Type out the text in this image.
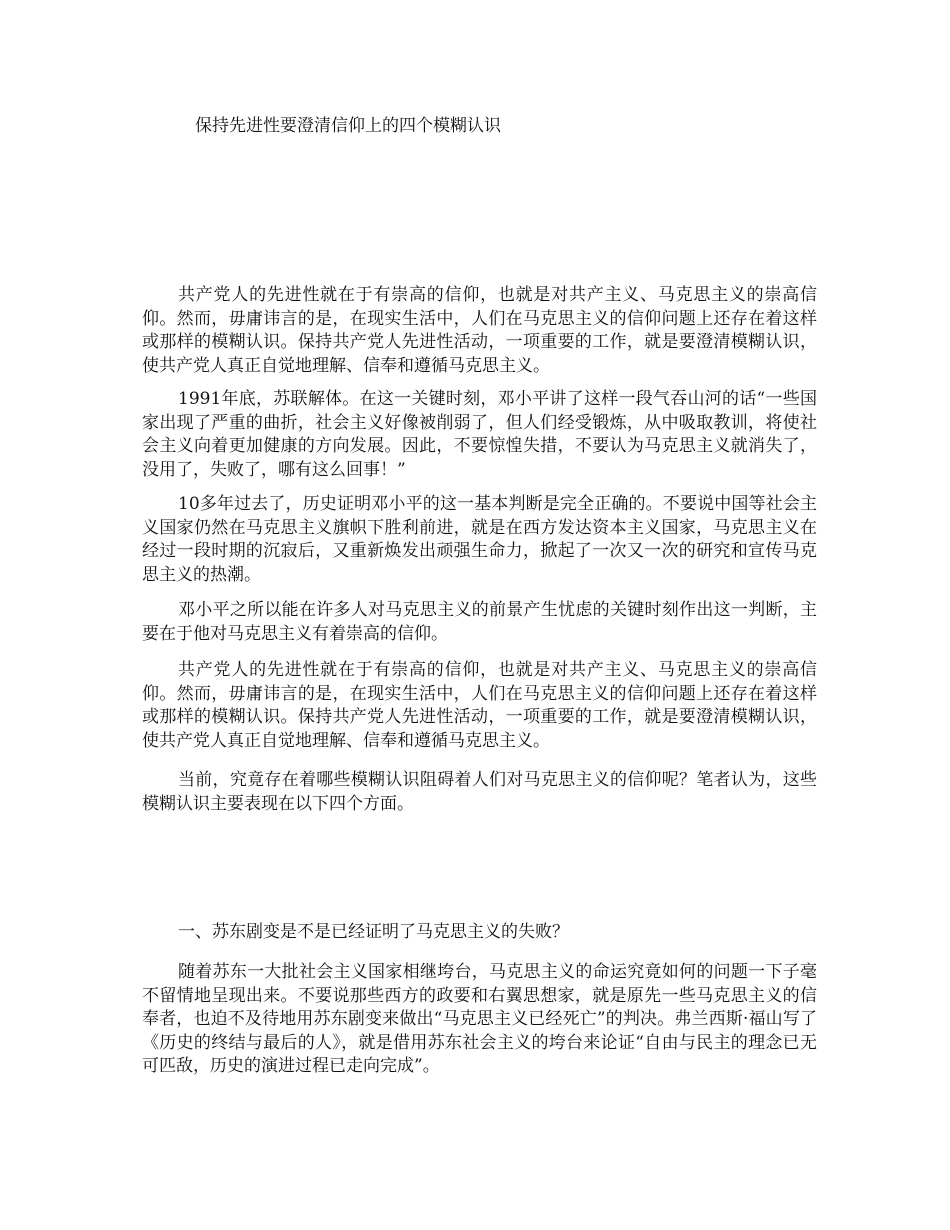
保持先进性要澄清信仰上的四个模糊认识

共产党人的先进性就在于有崇高的信仰，也就是对共产主义、马克思主义的崇高信仰。然而，毋庸讳言的是，在现实生活中，人们在马克思主义的信仰问题上还存在着这样或那样的模糊认识。保持共产党人先进性活动，一项重要的工作，就是要澄清模糊认识，使共产党人真正自觉地理解、信奉和遵循马克思主义。

1991年底，苏联解体。在这一关键时刻，邓小平讲了这样一段气吞山河的话“一些国家出现了严重的曲折，社会主义好像被削弱了，但人们经受锻炼，从中吸取教训，将使社会主义向着更加健康的方向发展。因此，不要惊惶失措，不要认为马克思主义就消失了，没用了，失败了，哪有这么回事！”

10多年过去了，历史证明邓小平的这一基本判断是完全正确的。不要说中国等社会主义国家仍然在马克思主义旗帜下胜利前进，就是在西方发达资本主义国家，马克思主义在经过一段时期的沉寂后，又重新焕发出顽强生命力，掀起了一次又一次的研究和宣传马克思主义的热潮。

邓小平之所以能在许多人对马克思主义的前景产生忧虑的关键时刻作出这一判断，主要在于他对马克思主义有着崇高的信仰。

共产党人的先进性就在于有崇高的信仰，也就是对共产主义、马克思主义的崇高信仰。然而，毋庸讳言的是，在现实生活中，人们在马克思主义的信仰问题上还存在着这样或那样的模糊认识。保持共产党人先进性活动，一项重要的工作，就是要澄清模糊认识，使共产党人真正自觉地理解、信奉和遵循马克思主义。

当前，究竟存在着哪些模糊认识阻碍着人们对马克思主义的信仰呢？笔者认为，这些模糊认识主要表现在以下四个方面。

一、苏东剧变是不是已经证明了马克思主义的失败？

随着苏东一大批社会主义国家相继垮台，马克思主义的命运究竟如何的问题一下子毫不留情地呈现出来。不要说那些西方的政要和右翼思想家，就是原先一些马克思主义的信奉者，也迫不及待地用苏东剧变来做出“马克思主义已经死亡”的判决。弗兰西斯·福山写了《历史的终结与最后的人》，就是借用苏东社会主义的垮台来论证“自由与民主的理念已无可匹敌，历史的演进过程已走向完成”。
